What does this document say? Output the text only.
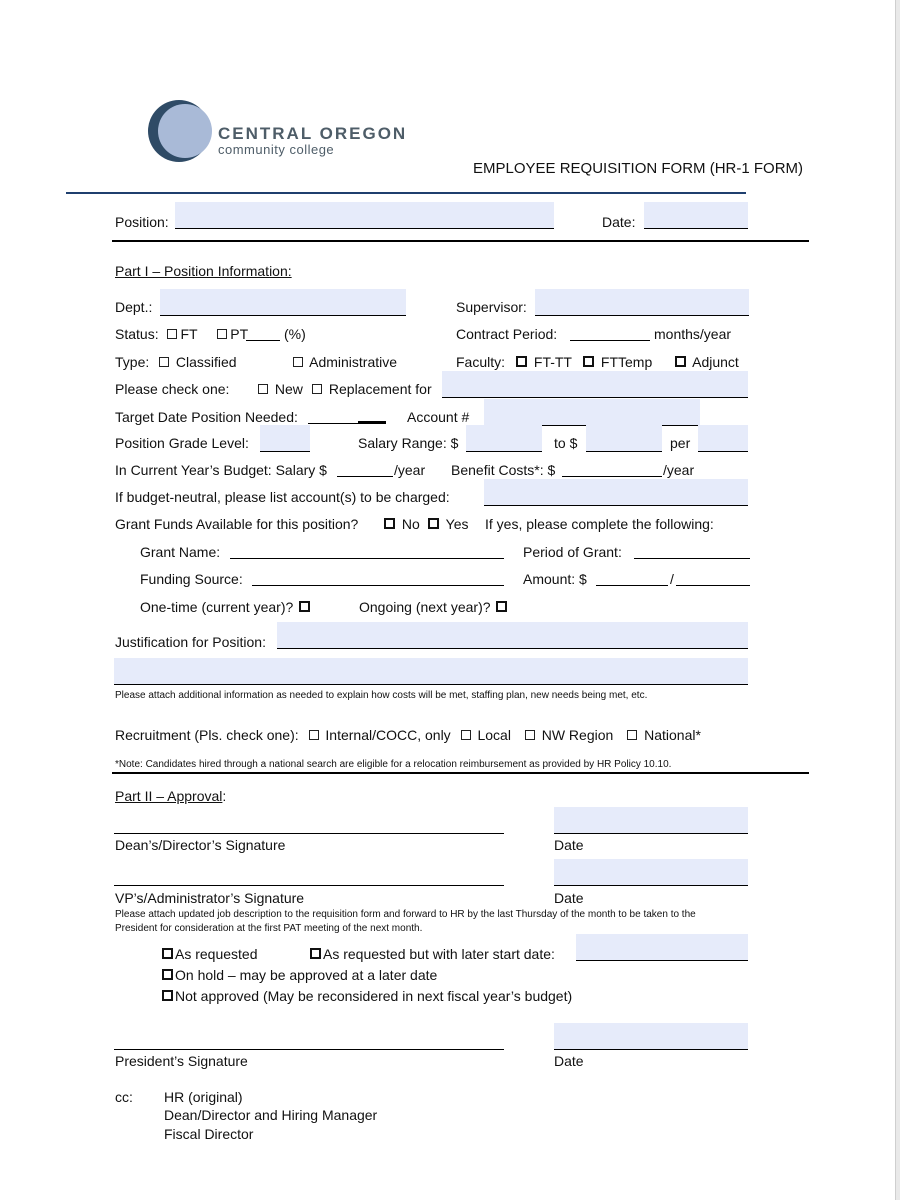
CENTRAL OREGON
community college
EMPLOYEE REQUISITION FORM (HR-1 FORM)
Position:	Date:
Part I – Position Information:
Dept.:	Supervisor:
Status: FT PT	(%)	Contract Period:	months/year
Type:	Classified	Administrative	Faculty:	FT-TT	FTTemp	Adjunct
Please check one:	New	Replacement for
Target Date Position Needed:	Account #
Position Grade Level:	Salary Range: $	to $	per
In Current Year’s Budget: Salary $	/year Benefit Costs*: $	/year
If budget-neutral, please list account(s) to be charged:
Grant Funds Available for this position?	No	Yes If yes, please complete the following:
Grant Name:	Period of Grant:
Funding Source:	Amount: $	/
One-time (current year)?	Ongoing (next year)?
Justification for Position:
Please attach additional information as needed to explain how costs will be met, staffing plan, new needs being met, etc.
Recruitment (Pls. check one): Internal/COCC, only Local NW Region National*
*Note: Candidates hired through a national search are eligible for a relocation reimbursement as provided by HR Policy 10.10.
Part II – Approval:
Dean’s/Director’s Signature	Date
VP’s/Administrator’s Signature	Date
Please attach updated job description to the requisition form and forward to HR by the last Thursday of the month to be taken to the
President for consideration at the first PAT meeting of the next month.
As requested	As requested but with later start date:
On hold – may be approved at a later date
Not approved (May be reconsidered in next fiscal year’s budget)
President’s Signature	Date
cc: HR (original)
Dean/Director and Hiring Manager
Fiscal Director
